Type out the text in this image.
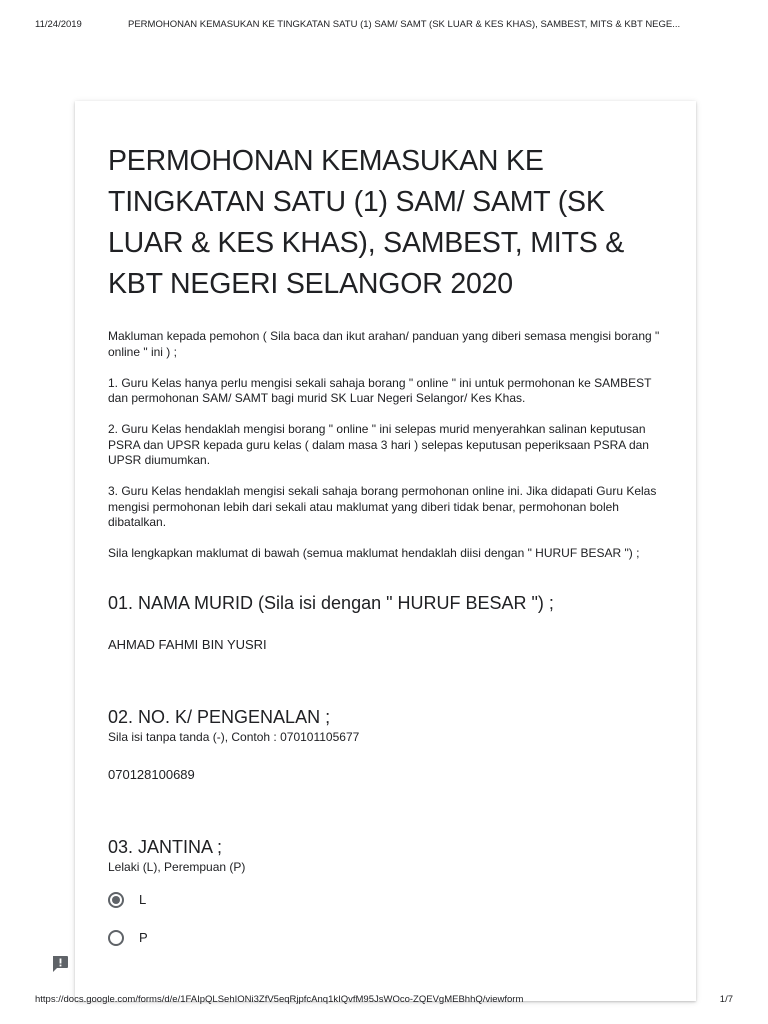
11/24/2019	PERMOHONAN KEMASUKAN KE TINGKATAN SATU (1) SAM/ SAMT (SK LUAR & KES KHAS), SAMBEST, MITS & KBT NEGE...
PERMOHONAN KEMASUKAN KE TINGKATAN SATU (1) SAM/ SAMT (SK LUAR & KES KHAS), SAMBEST, MITS & KBT NEGERI SELANGOR 2020

Makluman kepada pemohon ( Sila baca dan ikut arahan/ panduan yang diberi semasa mengisi borang " online " ini ) ;

1. Guru Kelas hanya perlu mengisi sekali sahaja borang " online " ini untuk permohonan ke SAMBEST dan permohonan SAM/ SAMT bagi murid SK Luar Negeri Selangor/ Kes Khas.

2. Guru Kelas hendaklah mengisi borang " online " ini selepas murid menyerahkan salinan keputusan PSRA dan UPSR kepada guru kelas ( dalam masa 3 hari ) selepas keputusan peperiksaan PSRA dan UPSR diumumkan.

3. Guru Kelas hendaklah mengisi sekali sahaja borang permohonan online ini. Jika didapati Guru Kelas mengisi permohonan lebih dari sekali atau maklumat yang diberi tidak benar, permohonan boleh dibatalkan.

Sila lengkapkan maklumat di bawah (semua maklumat hendaklah diisi dengan " HURUF BESAR ") ;

01. NAMA MURID (Sila isi dengan " HURUF BESAR ") ;
AHMAD FAHMI BIN YUSRI
02. NO. K/ PENGENALAN ;
Sila isi tanpa tanda (-), Contoh : 070101105677
070128100689
03. JANTINA ;
Lelaki (L), Perempuan (P)
L
P
https://docs.google.com/forms/d/e/1FAIpQLSehIONi3ZfV5eqRjpfcAnq1kIQvfM95JsWOco-ZQEVgMEBhhQ/viewform	1/7
